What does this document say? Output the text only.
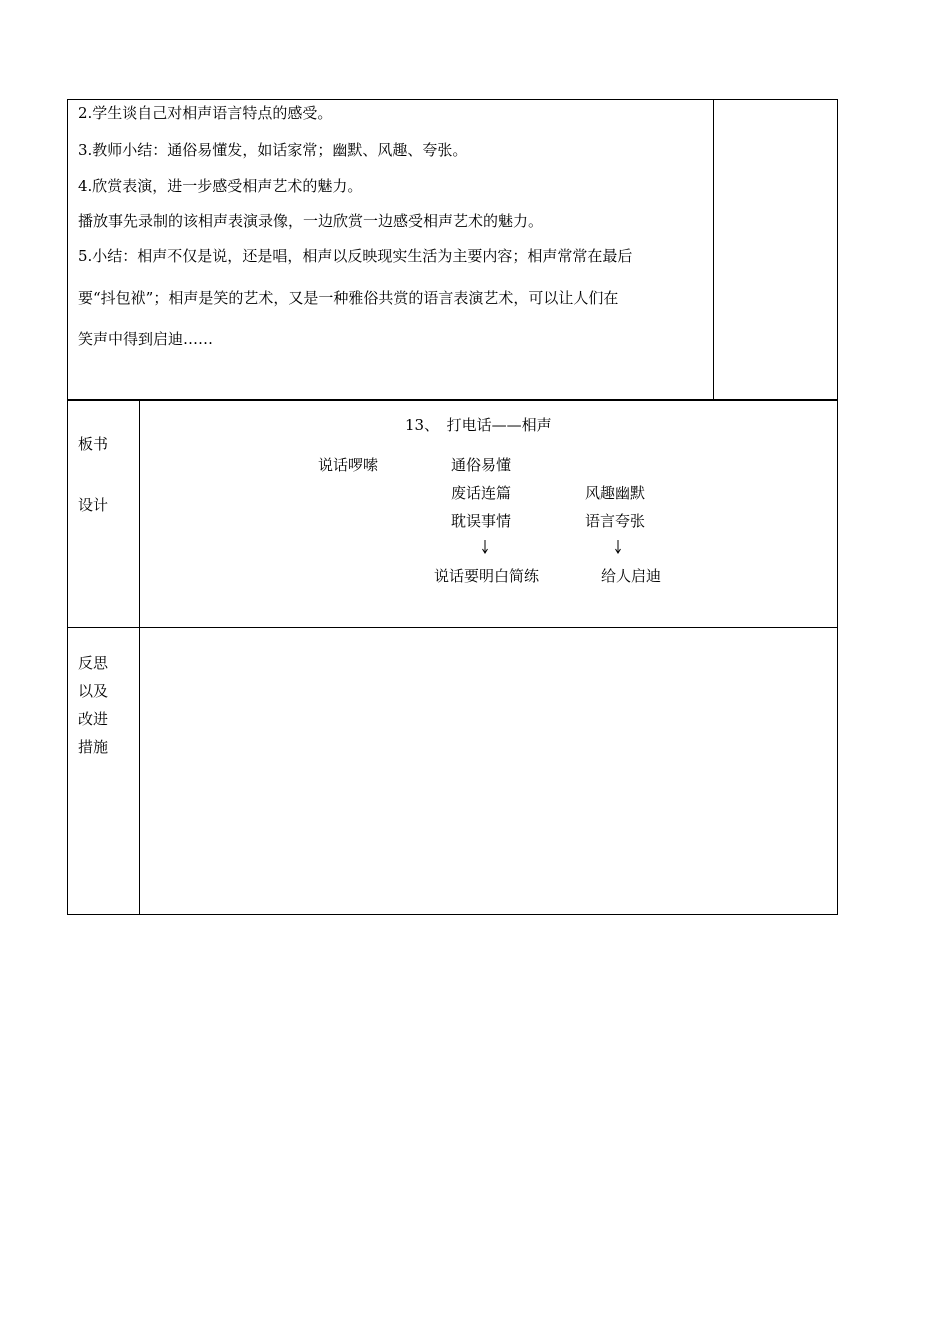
2.学生谈自己对相声语言特点的感受。
3.教师小结：通俗易懂发，如话家常；幽默、风趣、夸张。
4.欣赏表演，进一步感受相声艺术的魅力。
播放事先录制的该相声表演录像，一边欣赏一边感受相声艺术的魅力。
5.小结：相声不仅是说，还是唱，相声以反映现实生活为主要内容；相声常常在最后
要“抖包袱”；相声是笑的艺术，又是一种雅俗共赏的语言表演艺术，可以让人们在
笑声中得到启迪……
板书
设计
13、　打电话——相声
说话啰嗦	通俗易懂
废话连篇
耽误事情
风趣幽默
语言夸张
说话要明白简练	给人启迪
反思
以及
改进
措施
